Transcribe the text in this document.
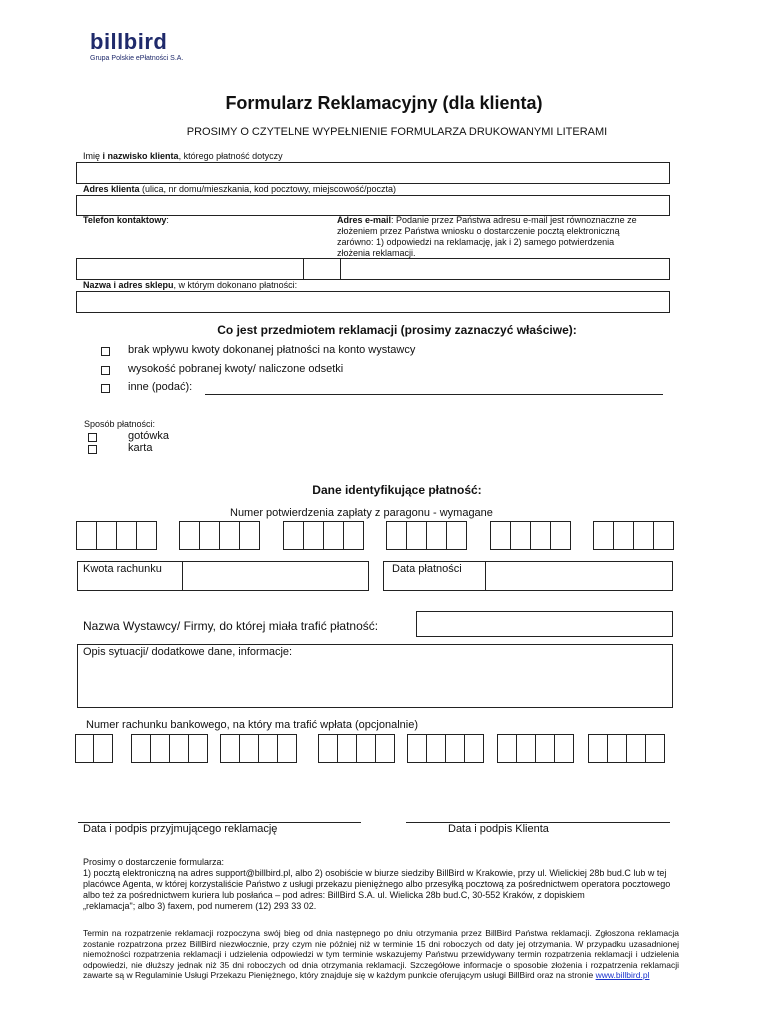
billbird
Grupa Polskie ePłatności S.A.
Formularz Reklamacyjny (dla klienta)
PROSIMY O CZYTELNE WYPEŁNIENIE FORMULARZA DRUKOWANYMI LITERAMI
Imię i nazwisko klienta, którego płatność dotyczy
Adres klienta (ulica, nr domu/mieszkania, kod pocztowy, miejscowość/poczta)
Telefon kontaktowy:	Adres e-mail: Podanie przez Państwa adresu e-mail jest równoznaczne ze złożeniem przez Państwa wniosku o dostarczenie pocztą elektroniczną zarówno: 1) odpowiedzi na reklamację, jak i 2) samego potwierdzenia złożenia reklamacji.
Nazwa i adres sklepu, w którym dokonano płatności:
Co jest przedmiotem reklamacji (prosimy zaznaczyć właściwe):
brak wpływu kwoty dokonanej płatności na konto wystawcy
wysokość pobranej kwoty/ naliczone odsetki
inne (podać):
Sposób płatności:
gotówka
karta
Dane identyfikujące płatność:
Numer potwierdzenia zapłaty z paragonu - wymagane
Kwota rachunku	Data płatności
Nazwa Wystawcy/ Firmy, do której miała trafić płatność:
Opis sytuacji/ dodatkowe dane, informacje:
Numer rachunku bankowego, na który ma trafić wpłata (opcjonalnie)
Data i podpis przyjmującego reklamację	Data i podpis Klienta
Prosimy o dostarczenie formularza:
1) pocztą elektroniczną na adres support@billbird.pl, albo 2) osobiście w biurze siedziby BillBird w Krakowie, przy ul. Wielickiej 28b bud.C lub w tej placówce Agenta, w której korzystaliście Państwo z usługi przekazu pieniężnego albo przesyłką pocztową za pośrednictwem operatora pocztowego albo też za pośrednictwem kuriera lub posłańca – pod adres: BillBird S.A. ul. Wielicka 28b bud.C, 30-552 Kraków, z dopiskiem
„reklamacja"; albo 3) faxem, pod numerem (12) 293 33 02.
Termin na rozpatrzenie reklamacji rozpoczyna swój bieg od dnia następnego po dniu otrzymania przez BillBird Państwa reklamacji. Zgłoszona reklamacja zostanie rozpatrzona przez BillBird niezwłocznie, przy czym nie później niż w terminie 15 dni roboczych od daty jej otrzymania. W przypadku uzasadnionej niemożności rozpatrzenia reklamacji i udzielenia odpowiedzi w tym terminie wskazujemy Państwu przewidywany termin rozpatrzenia reklamacji i udzielenia odpowiedzi, nie dłuższy jednak niż 35 dni roboczych od dnia otrzymania reklamacji. Szczegółowe informacje o sposobie złożenia i rozpatrzenia reklamacji zawarte są w Regulaminie Usługi Przekazu Pieniężnego, który znajduje się w każdym punkcie oferującym usługi BillBird oraz na stronie www.billbird.pl
